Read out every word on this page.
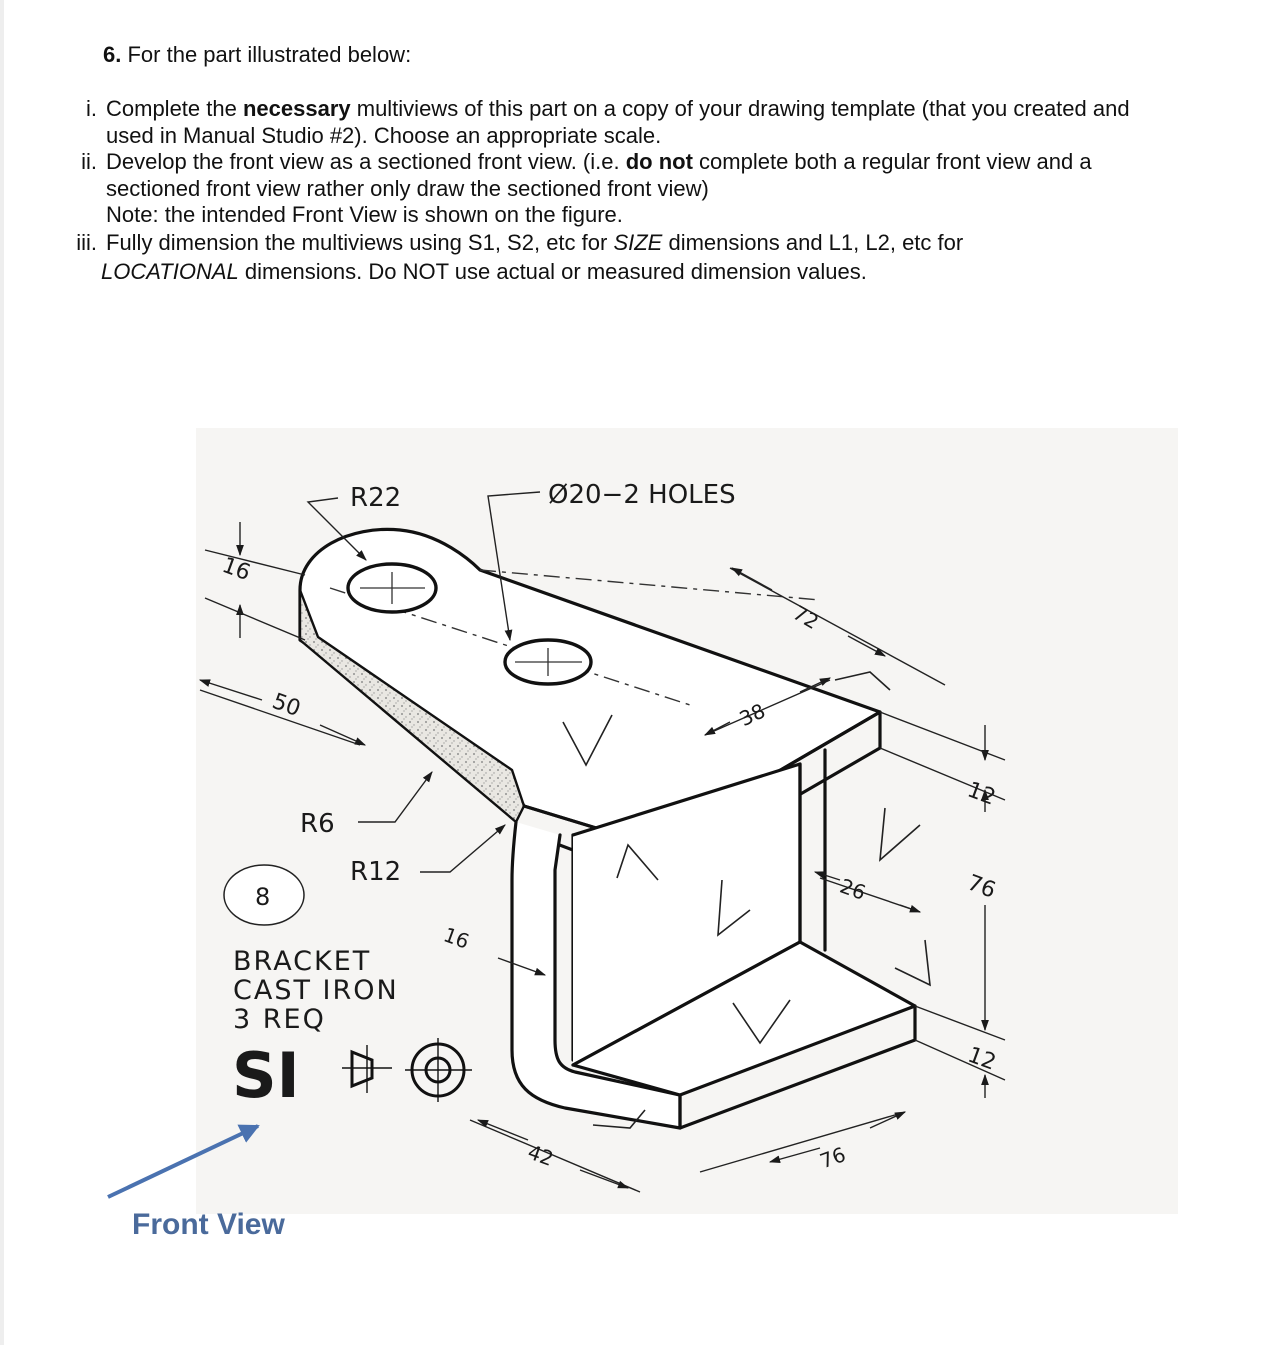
6. For the part illustrated below:
i. Complete the necessary multiviews of this part on a copy of your drawing template (that you created and
used in Manual Studio #2). Choose an appropriate scale.
ii. Develop the front view as a sectioned front view. (i.e. do not complete both a regular front view and a
sectioned front view rather only draw the sectioned front view)
Note: the intended Front View is shown on the figure.
iii. Fully dimension the multiviews using S1, S2, etc for SIZE dimensions and L1, L2, etc for
LOCATIONAL dimensions. Do NOT use actual or measured dimension values.
R22	Ø20−2 HOLES
16
50
72
38
R6
R12
12
76
26
16
12
42	76
8
BRACKET
CAST IRON
3 REQ
SI
Front View
